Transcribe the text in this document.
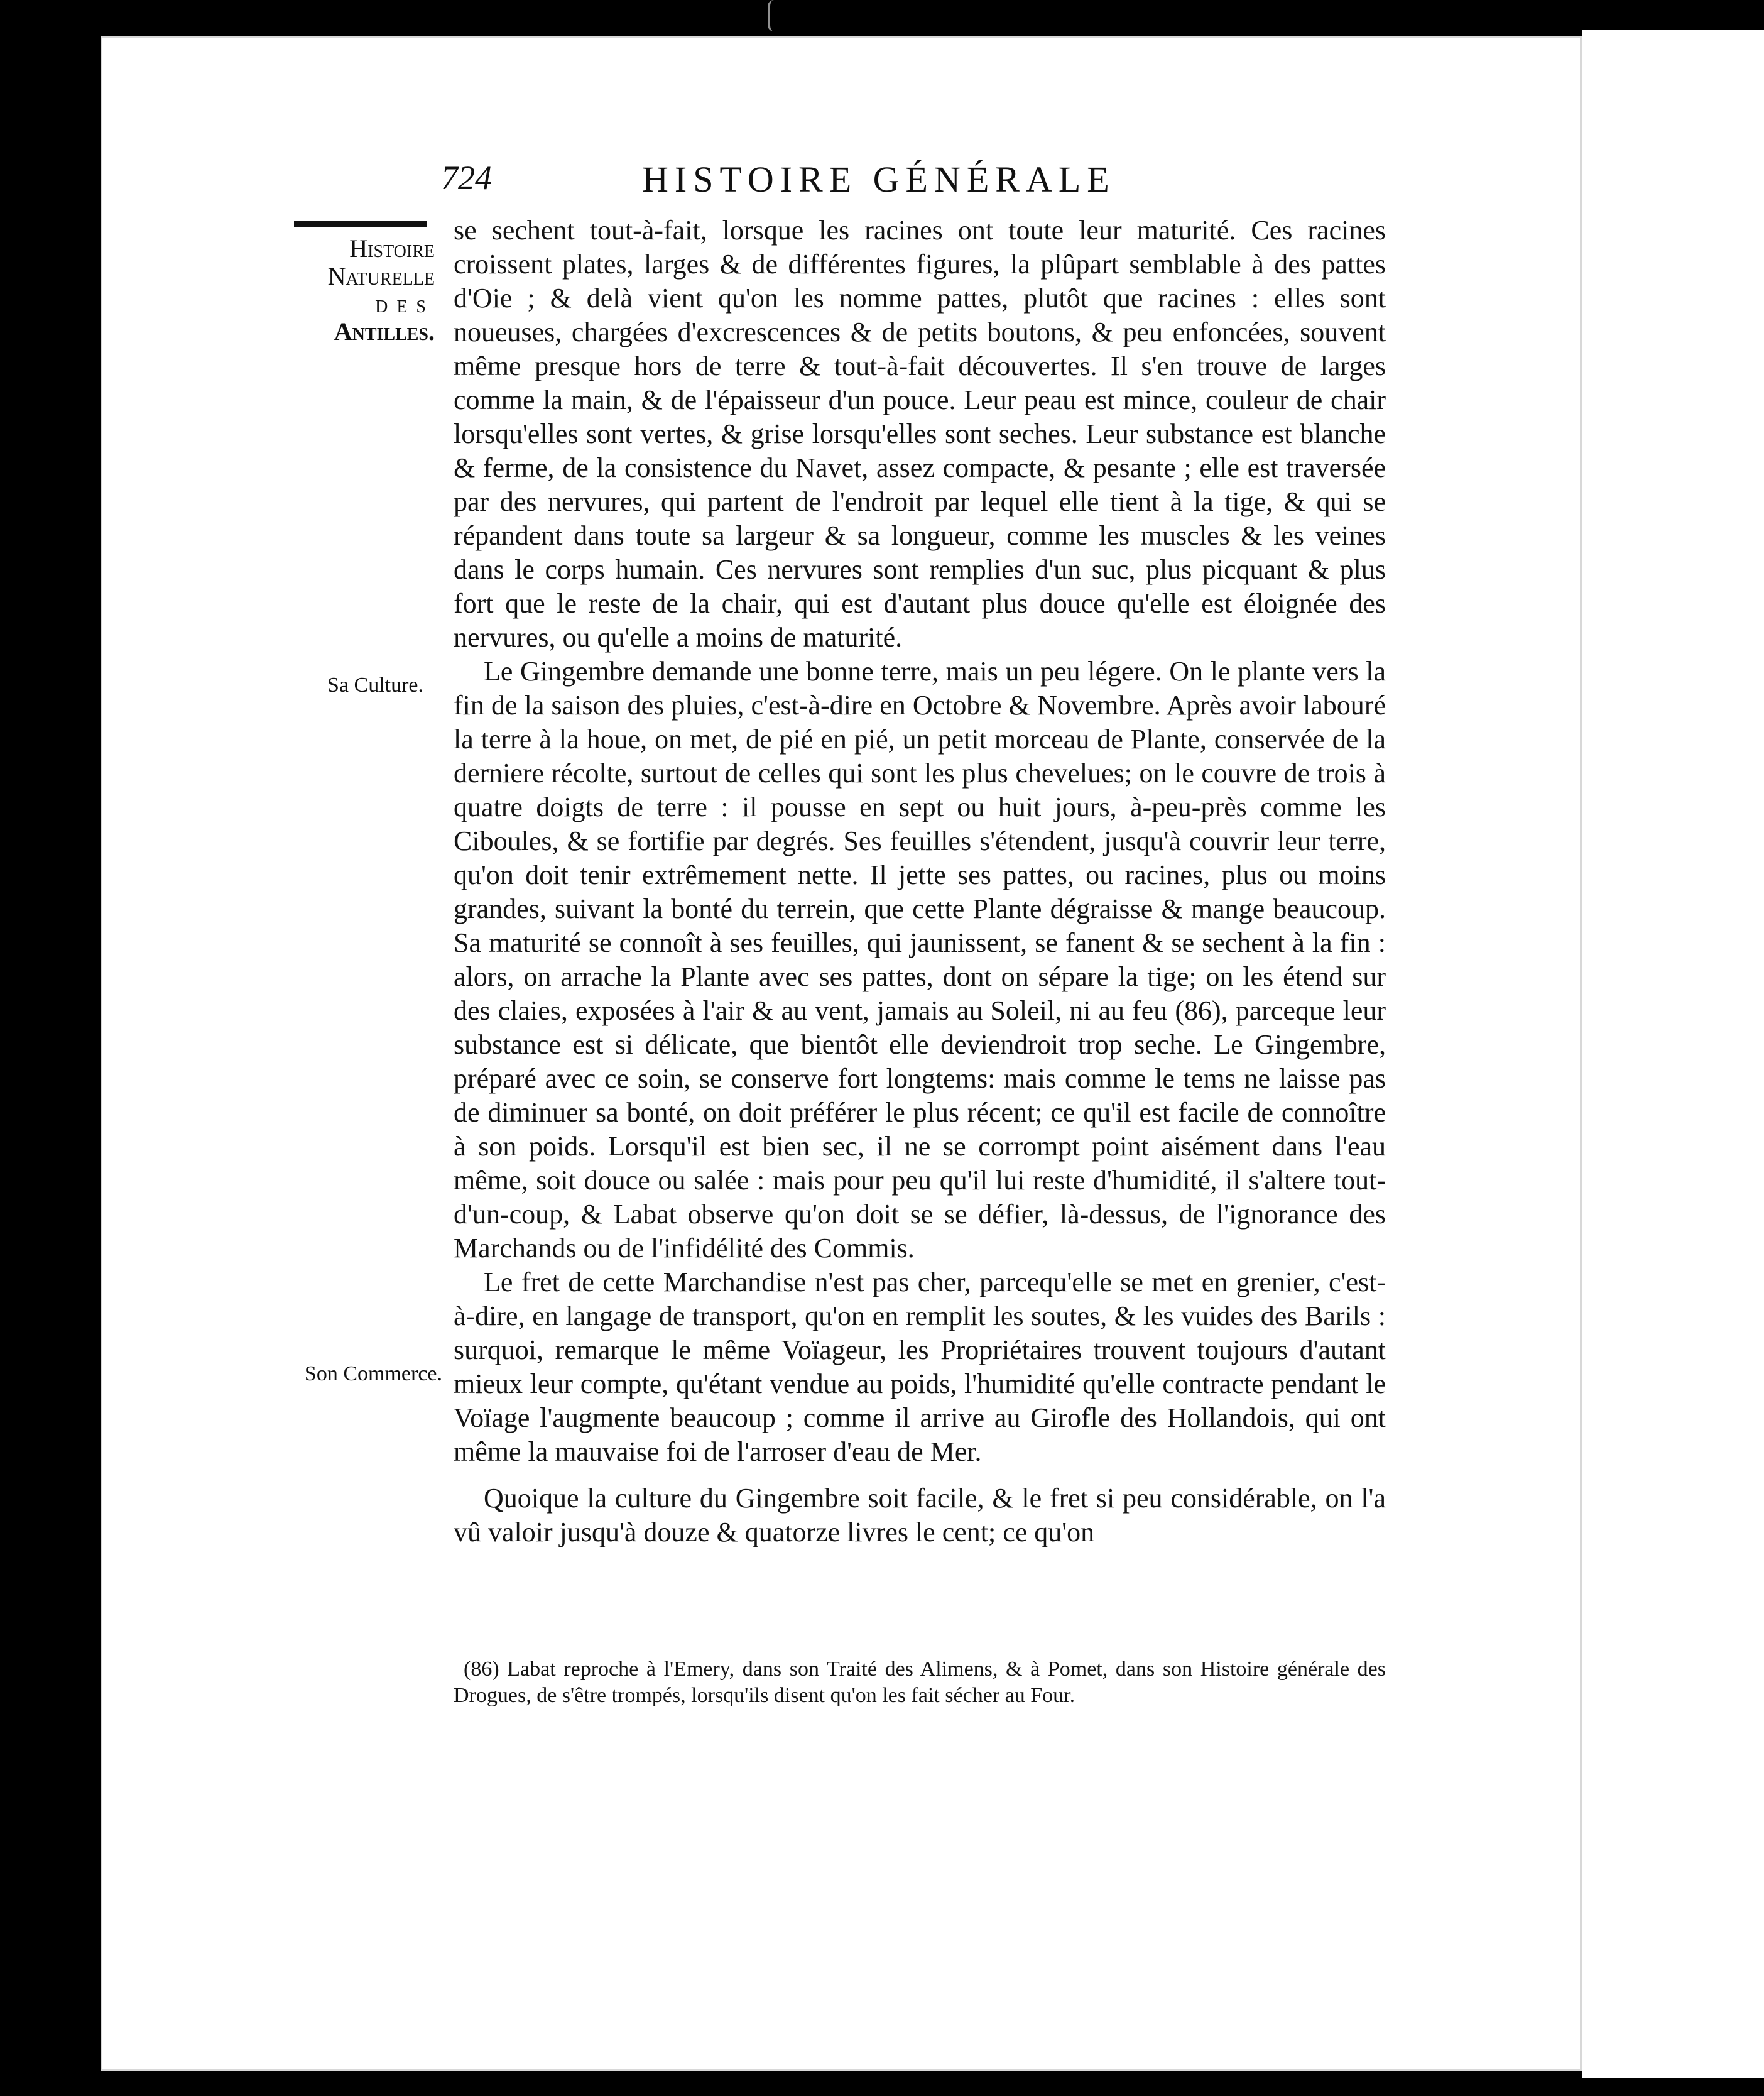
724	HISTOIRE GÉNÉRALE
Histoire
Naturelle
des
Antilles.
Sa Culture.
Son Commerce.

se sechent tout-à-fait, lorsque les racines ont toute leur maturité. Ces racines croissent plates, larges & de différentes figures, la plûpart semblable à des pattes d'Oie ; & delà vient qu'on les nomme pattes, plutôt que racines : elles sont noueuses, chargées d'excrescences & de petits boutons, & peu enfoncées, souvent même presque hors de terre & tout-à-fait découvertes. Il s'en trouve de larges comme la main, & de l'épaisseur d'un pouce. Leur peau est mince, couleur de chair lorsqu'elles sont vertes, & grise lorsqu'elles sont seches. Leur substance est blanche & ferme, de la consistence du Navet, assez compacte, & pesante ; elle est traversée par des nervures, qui partent de l'endroit par lequel elle tient à la tige, & qui se répandent dans toute sa largeur & sa longueur, comme les muscles & les veines dans le corps humain. Ces nervures sont remplies d'un suc, plus picquant & plus fort que le reste de la chair, qui est d'autant plus douce qu'elle est éloignée des nervures, ou qu'elle a moins de maturité.

Le Gingembre demande une bonne terre, mais un peu légere. On le plante vers la fin de la saison des pluies, c'est-à-dire en Octobre & Novembre. Après avoir labouré la terre à la houe, on met, de pié en pié, un petit morceau de Plante, conservée de la derniere récolte, surtout de celles qui sont les plus chevelues; on le couvre de trois à quatre doigts de terre : il pousse en sept ou huit jours, à-peu-près comme les Ciboules, & se fortifie par degrés. Ses feuilles s'étendent, jusqu'à couvrir leur terre, qu'on doit tenir extrêmement nette. Il jette ses pattes, ou racines, plus ou moins grandes, suivant la bonté du terrein, que cette Plante dégraisse & mange beaucoup. Sa maturité se connoît à ses feuilles, qui jaunissent, se fanent & se sechent à la fin : alors, on arrache la Plante avec ses pattes, dont on sépare la tige; on les étend sur des claies, exposées à l'air & au vent, jamais au Soleil, ni au feu (86), parceque leur substance est si délicate, que bientôt elle deviendroit trop seche. Le Gingembre, préparé avec ce soin, se conserve fort longtems: mais comme le tems ne laisse pas de diminuer sa bonté, on doit préférer le plus récent; ce qu'il est facile de connoître à son poids. Lorsqu'il est bien sec, il ne se corrompt point aisément dans l'eau même, soit douce ou salée : mais pour peu qu'il lui reste d'humidité, il s'altere tout-d'un-coup, & Labat observe qu'on doit se se défier, là-dessus, de l'ignorance des Marchands ou de l'infidélité des Commis.

Le fret de cette Marchandise n'est pas cher, parcequ'elle se met en grenier, c'est-à-dire, en langage de transport, qu'on en remplit les soutes, & les vuides des Barils : surquoi, remarque le même Voïageur, les Propriétaires trouvent toujours d'autant mieux leur compte, qu'étant vendue au poids, l'humidité qu'elle contracte pendant le Voïage l'augmente beaucoup ; comme il arrive au Girofle des Hollandois, qui ont même la mauvaise foi de l'arroser d'eau de Mer.

Quoique la culture du Gingembre soit facile, & le fret si peu considérable, on l'a vû valoir jusqu'à douze & quatorze livres le cent; ce qu'on

(86) Labat reproche à l'Emery, dans son Traité des Alimens, & à Pomet, dans son Histoire générale des Drogues, de s'être trompés, lorsqu'ils disent qu'on les fait sécher au Four.
